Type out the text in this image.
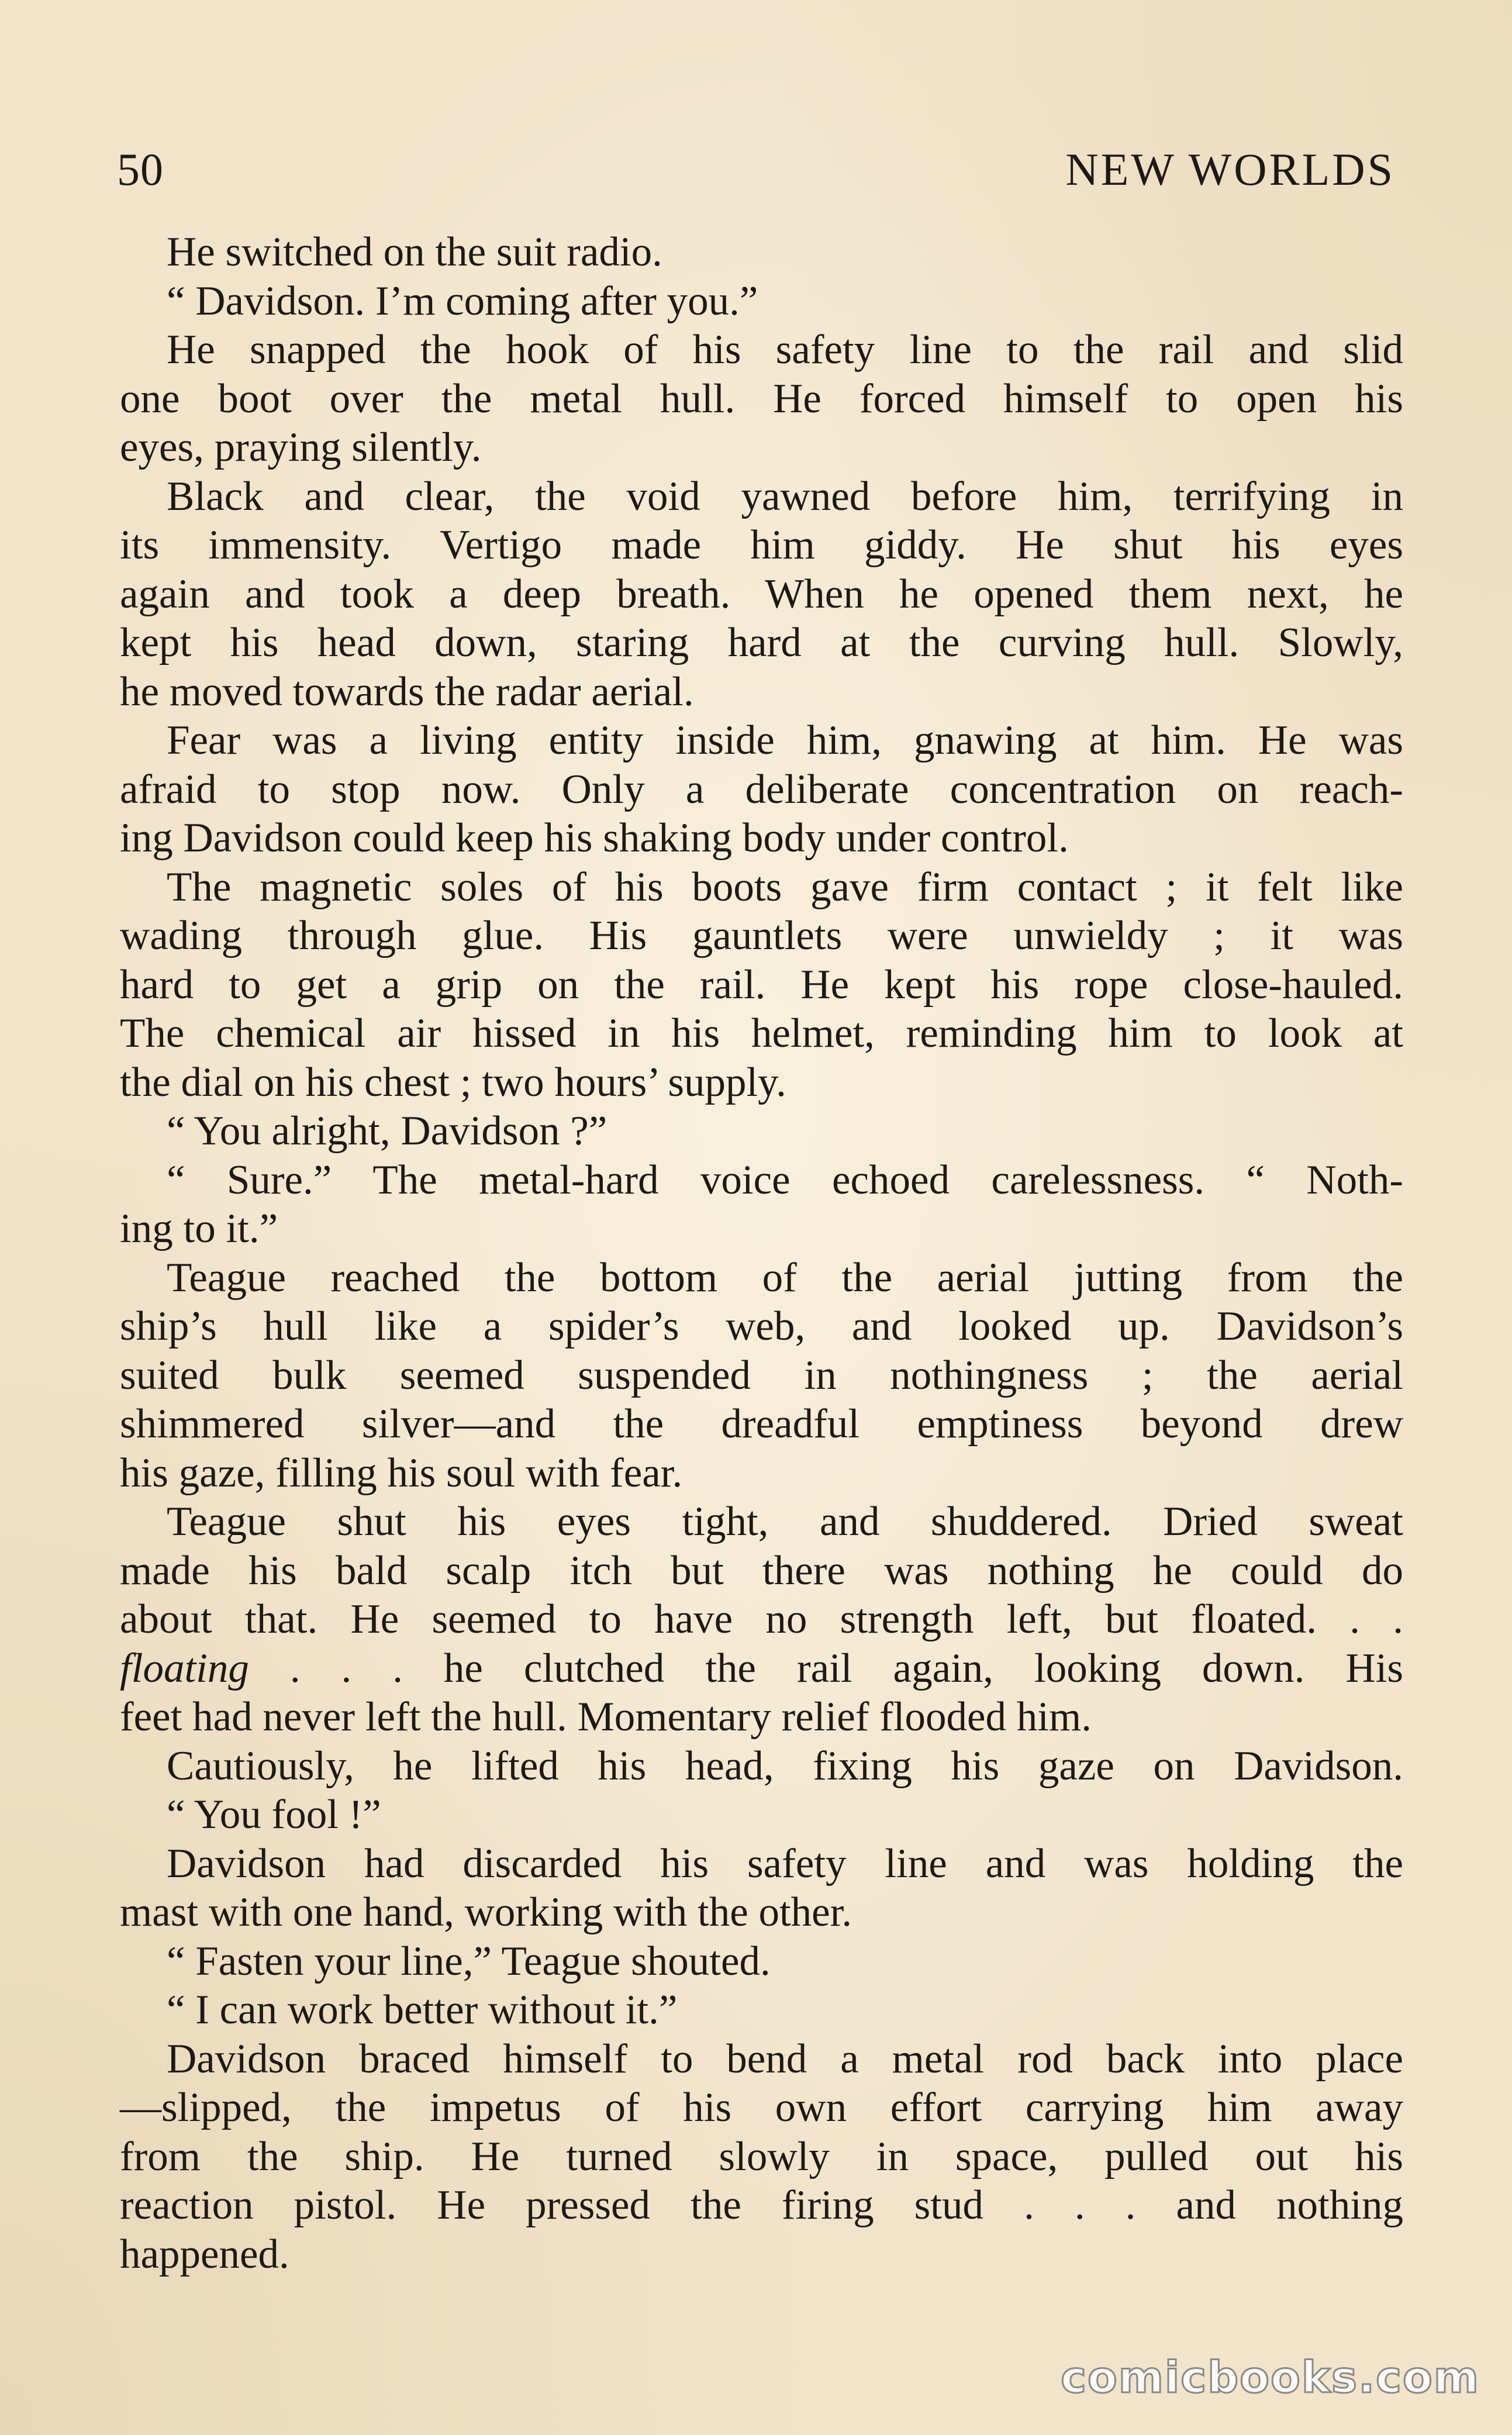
50	NEW WORLDS
He switched on the suit radio.
“ Davidson. I’m coming after you.”
He snapped the hook of his safety line to the rail and slid
one boot over the metal hull. He forced himself to open his
eyes, praying silently.
Black and clear, the void yawned before him, terrifying in
its immensity. Vertigo made him giddy. He shut his eyes
again and took a deep breath. When he opened them next, he
kept his head down, staring hard at the curving hull. Slowly,
he moved towards the radar aerial.
Fear was a living entity inside him, gnawing at him. He was
afraid to stop now. Only a deliberate concentration on reach-
ing Davidson could keep his shaking body under control.
The magnetic soles of his boots gave firm contact ; it felt like
wading through glue. His gauntlets were unwieldy ; it was
hard to get a grip on the rail. He kept his rope close-hauled.
The chemical air hissed in his helmet, reminding him to look at
the dial on his chest ; two hours’ supply.
“ You alright, Davidson ?”
“ Sure.” The metal-hard voice echoed carelessness. “ Noth-
ing to it.”
Teague reached the bottom of the aerial jutting from the
ship’s hull like a spider’s web, and looked up. Davidson’s
suited bulk seemed suspended in nothingness ; the aerial
shimmered silver—and the dreadful emptiness beyond drew
his gaze, filling his soul with fear.
Teague shut his eyes tight, and shuddered. Dried sweat
made his bald scalp itch but there was nothing he could do
about that. He seemed to have no strength left, but floated. . .
floating . . . he clutched the rail again, looking down. His
feet had never left the hull. Momentary relief flooded him.
Cautiously, he lifted his head, fixing his gaze on Davidson.
“ You fool !”
Davidson had discarded his safety line and was holding the
mast with one hand, working with the other.
“ Fasten your line,” Teague shouted.
“ I can work better without it.”
Davidson braced himself to bend a metal rod back into place
—slipped, the impetus of his own effort carrying him away
from the ship. He turned slowly in space, pulled out his
reaction pistol. He pressed the firing stud . . . and nothing
happened.
comicbooks.com
